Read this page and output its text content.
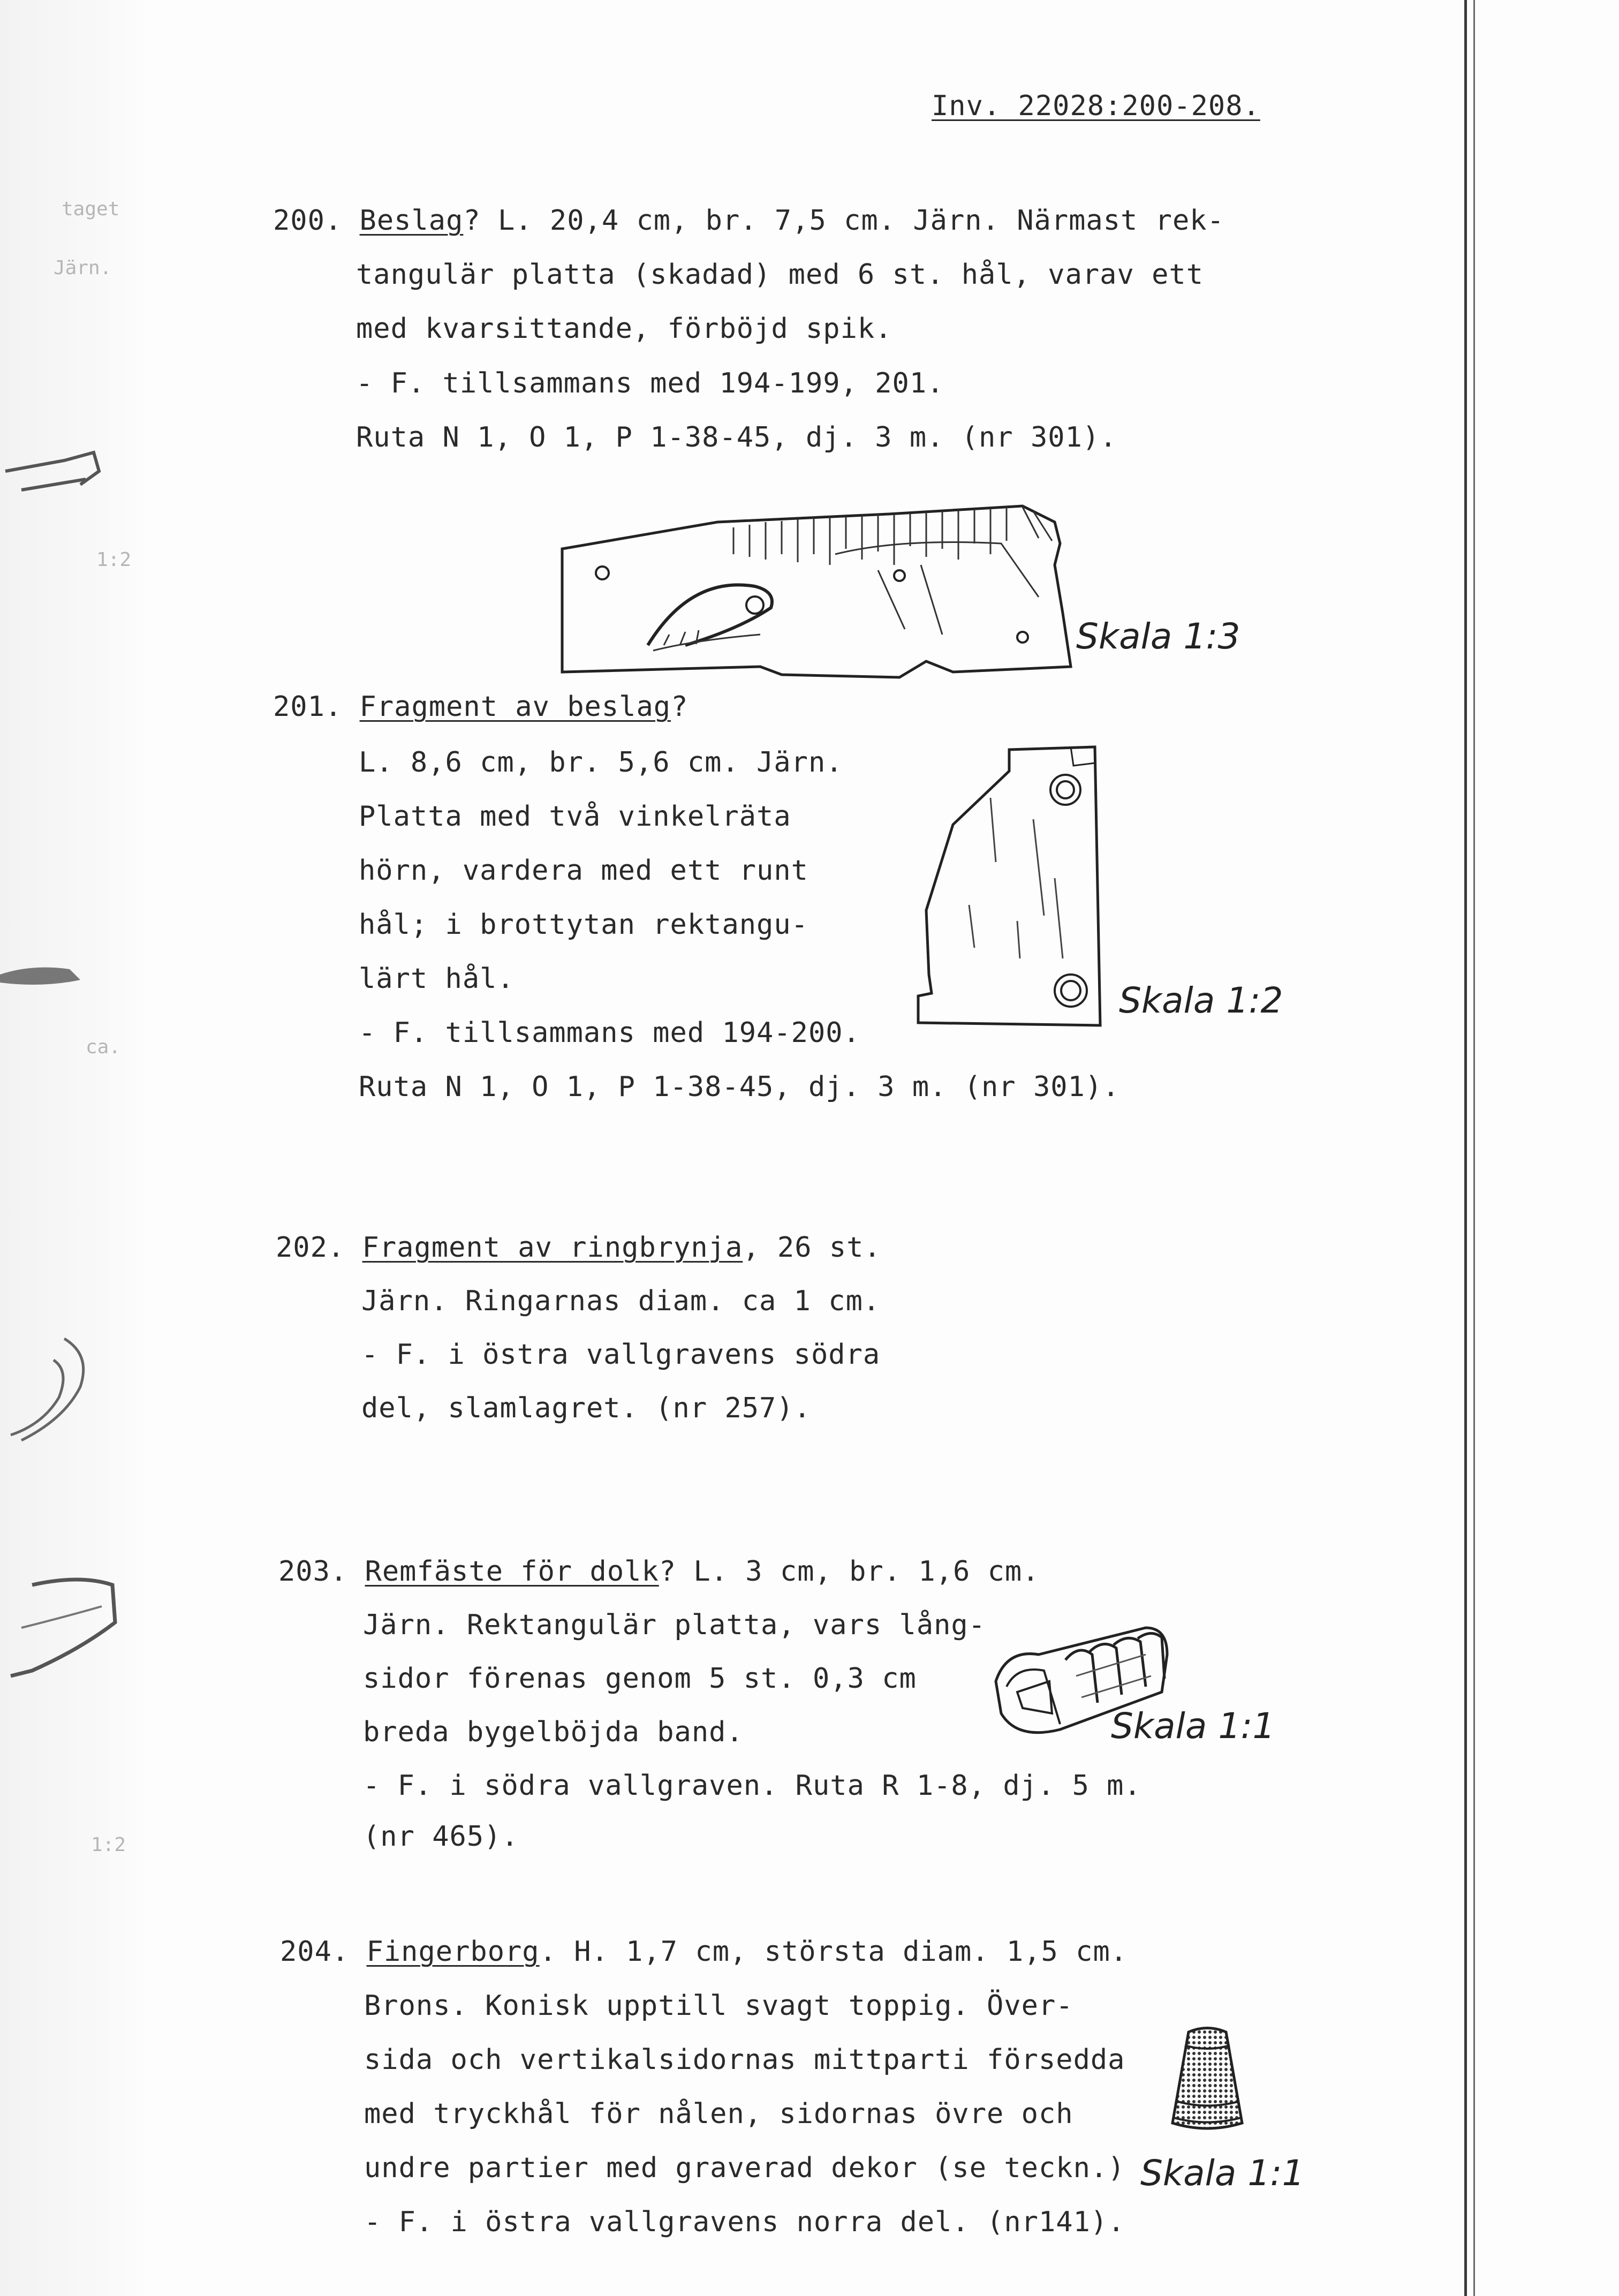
taget
Järn.
1:2
ca.
1:2
Inv. 22028:200-208.
200. Beslag? L. 20,4 cm, br. 7,5 cm. Järn. Närmast rek-
tangulär platta (skadad) med 6 st. hål, varav ett
med kvarsittande, förböjd spik.
- F. tillsammans med 194-199, 201.
Ruta N 1, O 1, P 1-38-45, dj. 3 m. (nr 301).
Skala 1:3
201. Fragment av beslag?
L. 8,6 cm, br. 5,6 cm. Järn.
Platta med två vinkelräta
hörn, vardera med ett runt
hål; i brottytan rektangu-
lärt hål.
- F. tillsammans med 194-200.
Ruta N 1, O 1, P 1-38-45, dj. 3 m. (nr 301).
Skala 1:2
202. Fragment av ringbrynja, 26 st.
Järn. Ringarnas diam. ca 1 cm.
- F. i östra vallgravens södra
del, slamlagret. (nr 257).
203. Remfäste för dolk? L. 3 cm, br. 1,6 cm.
Järn. Rektangulär platta, vars lång-
sidor förenas genom 5 st. 0,3 cm
breda bygelböjda band.
- F. i södra vallgraven. Ruta R 1-8, dj. 5 m.
(nr 465).
Skala 1:1
204. Fingerborg. H. 1,7 cm, största diam. 1,5 cm.
Brons. Konisk upptill svagt toppig. Över-
sida och vertikalsidornas mittparti försedda
med tryckhål för nålen, sidornas övre och
undre partier med graverad dekor (se teckn.)
- F. i östra vallgravens norra del. (nr141).
Skala 1:1
